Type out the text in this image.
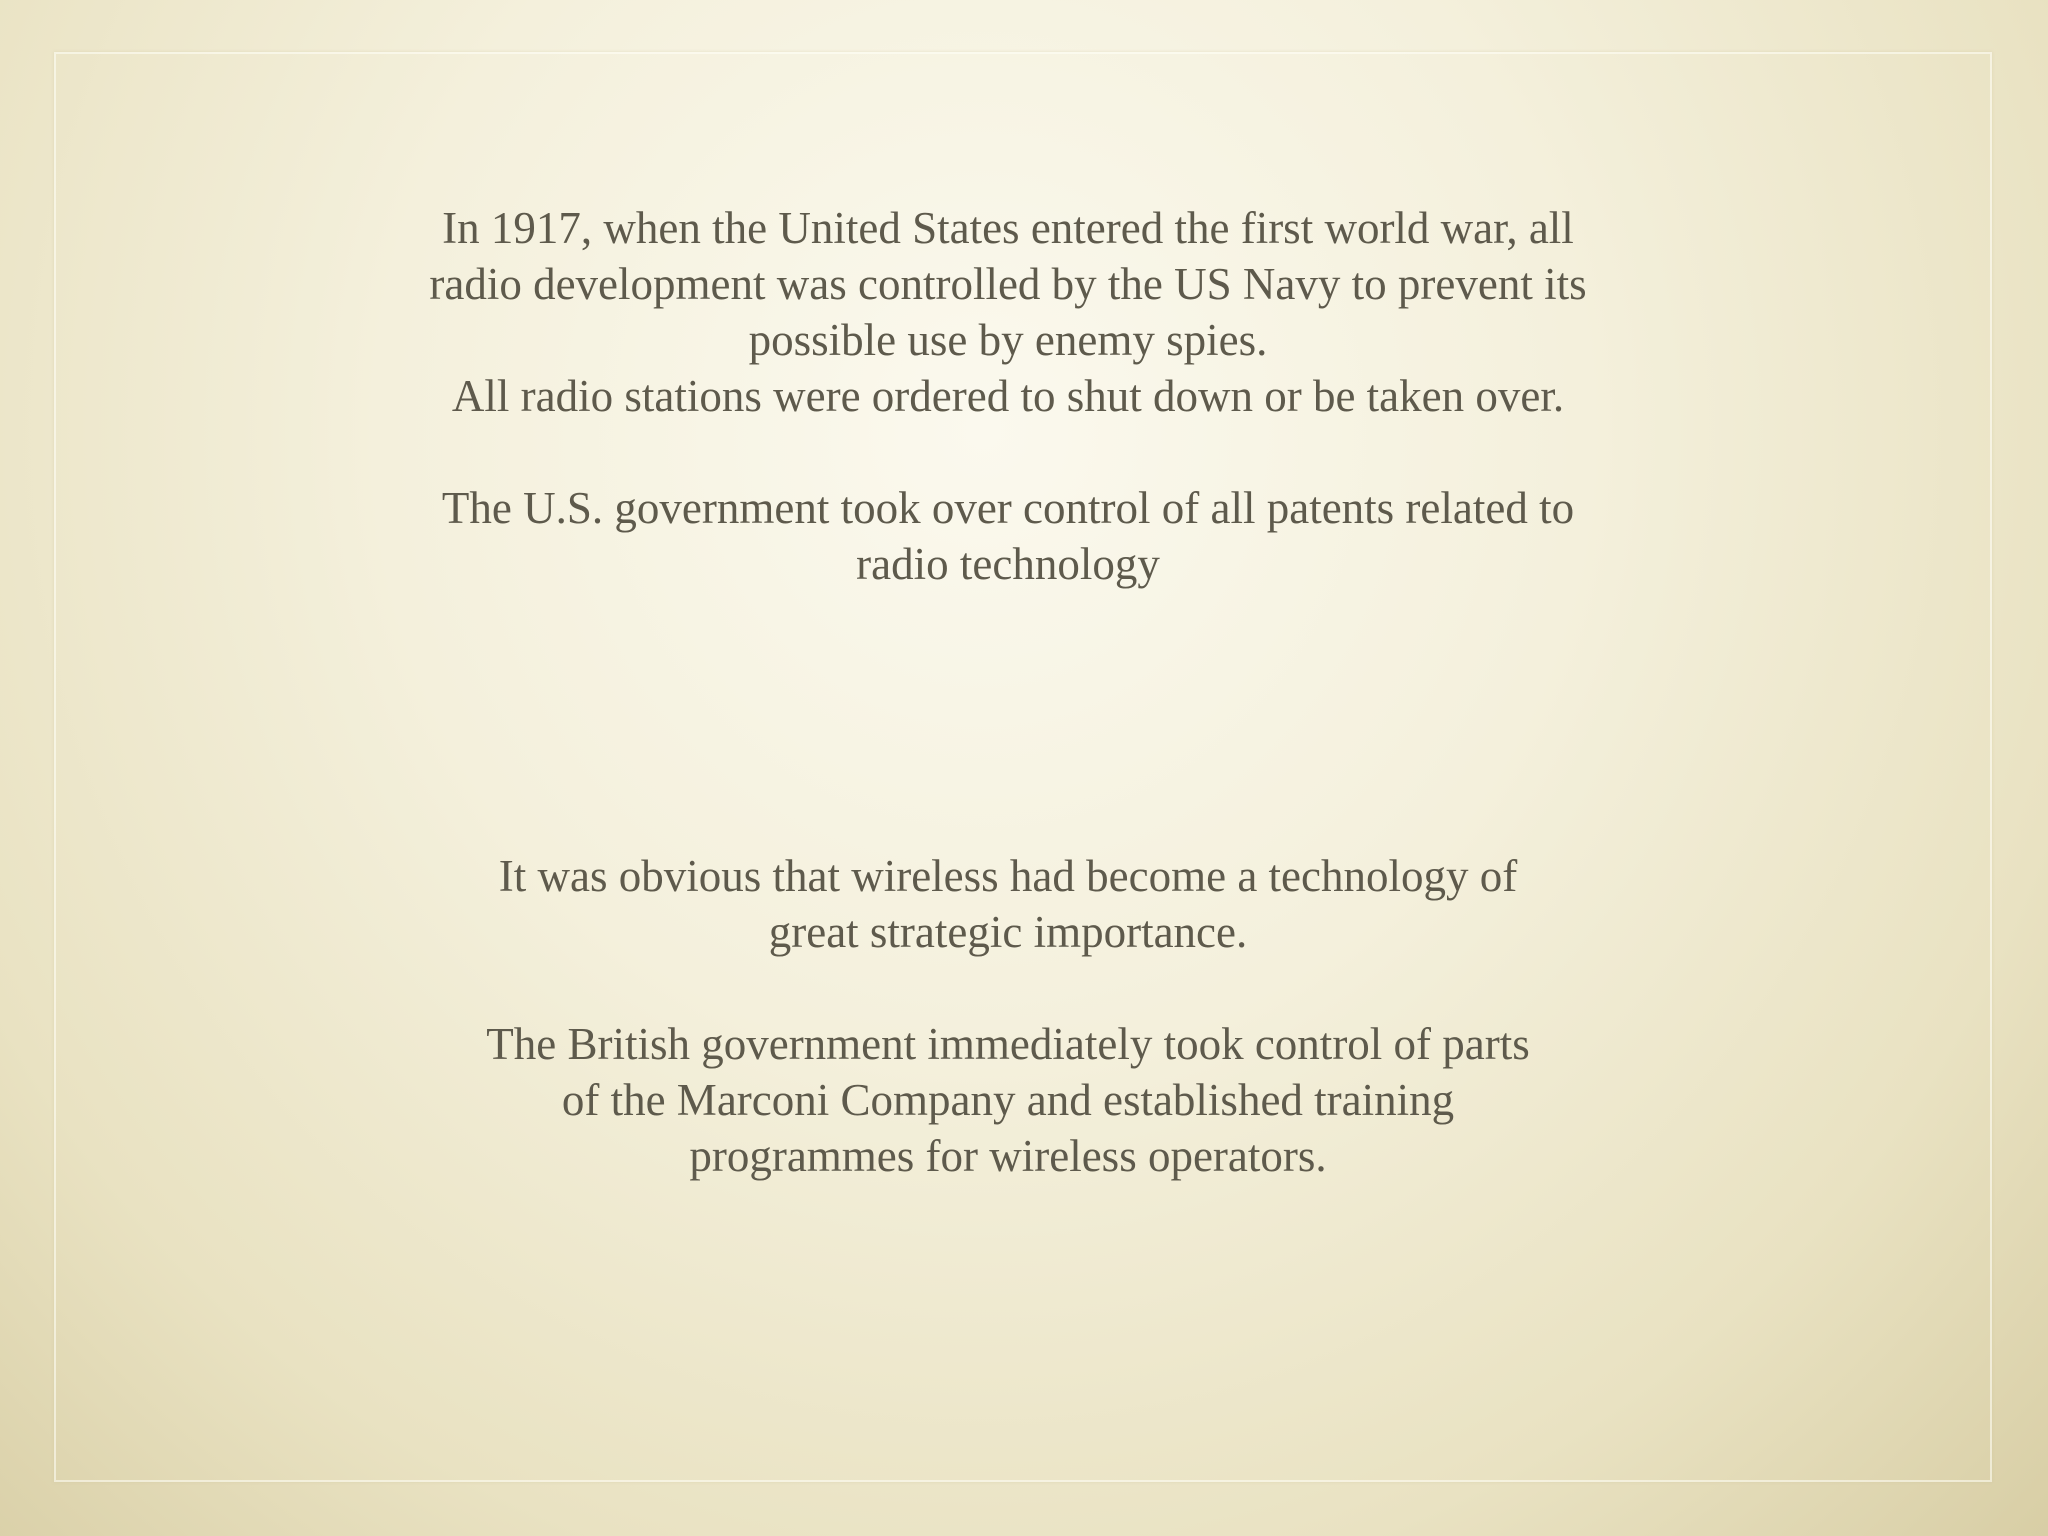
In 1917, when the United States entered the first world war, all

radio development was controlled by the US Navy to prevent its

possible use by enemy spies.

All radio stations were ordered to shut down or be taken over.

The U.S. government took over control of all patents related to

radio technology

It was obvious that wireless had become a technology of

great strategic importance.

The British government immediately took control of parts

of the Marconi Company and established training

programmes for wireless operators.
